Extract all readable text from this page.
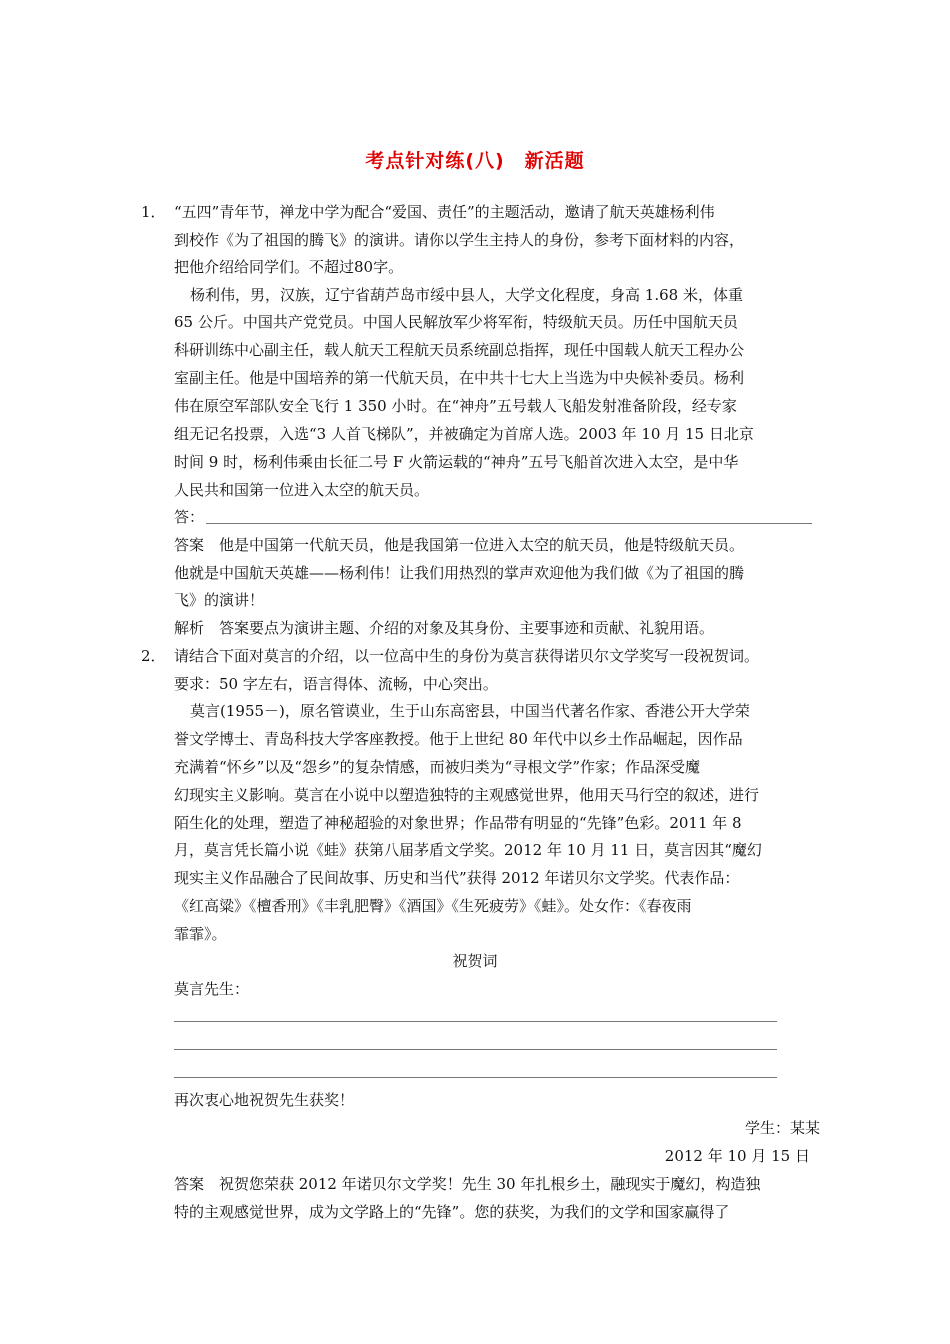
考点针对练(八)　新活题
1． “五四”青年节，禅龙中学为配合“爱国、责任”的主题活动，邀请了航天英雄杨利伟
到校作《为了祖国的腾飞》的演讲。请你以学生主持人的身份，参考下面材料的内容，
把他介绍给同学们。不超过80字。
杨利伟，男，汉族，辽宁省葫芦岛市绥中县人，大学文化程度，身高 1.68 米，体重
65 公斤。中国共产党党员。中国人民解放军少将军衔，特级航天员。历任中国航天员
科研训练中心副主任，载人航天工程航天员系统副总指挥，现任中国载人航天工程办公
室副主任。他是中国培养的第一代航天员，在中共十七大上当选为中央候补委员。杨利
伟在原空军部队安全飞行 1 350 小时。在“神舟”五号载人飞船发射准备阶段，经专家
组无记名投票，入选“3 人首飞梯队”，并被确定为首席人选。2003 年 10 月 15 日北京
时间 9 时，杨利伟乘由长征二号 F 火箭运载的“神舟”五号飞船首次进入太空，是中华
人民共和国第一位进入太空的航天员。
答：
答案　他是中国第一代航天员，他是我国第一位进入太空的航天员，他是特级航天员。
他就是中国航天英雄——杨利伟！让我们用热烈的掌声欢迎他为我们做《为了祖国的腾
飞》的演讲！
解析　答案要点为演讲主题、介绍的对象及其身份、主要事迹和贡献、礼貌用语。
2． 请结合下面对莫言的介绍，以一位高中生的身份为莫言获得诺贝尔文学奖写一段祝贺词。
要求：50 字左右，语言得体、流畅，中心突出。
莫言(1955－)，原名管谟业，生于山东高密县，中国当代著名作家、香港公开大学荣
誉文学博士、青岛科技大学客座教授。他于上世纪 80 年代中以乡土作品崛起，因作品
充满着“怀乡”以及“怨乡”的复杂情感，而被归类为“寻根文学”作家；作品深受魔
幻现实主义影响。莫言在小说中以塑造独特的主观感觉世界，他用天马行空的叙述，进行
陌生化的处理，塑造了神秘超验的对象世界；作品带有明显的“先锋”色彩。2011 年 8
月，莫言凭长篇小说《蛙》获第八届茅盾文学奖。2012 年 10 月 11 日，莫言因其“魔幻
现实主义作品融合了民间故事、历史和当代”获得 2012 年诺贝尔文学奖。代表作品：
《红高粱》《檀香刑》《丰乳肥臀》《酒国》《生死疲劳》《蛙》。处女作：《春夜雨
霏霏》。
祝贺词
莫言先生：
再次衷心地祝贺先生获奖！
学生：某某
2012 年 10 月 15 日
答案　祝贺您荣获 2012 年诺贝尔文学奖！先生 30 年扎根乡土，融现实于魔幻，构造独
特的主观感觉世界，成为文学路上的“先锋”。您的获奖，为我们的文学和国家赢得了
